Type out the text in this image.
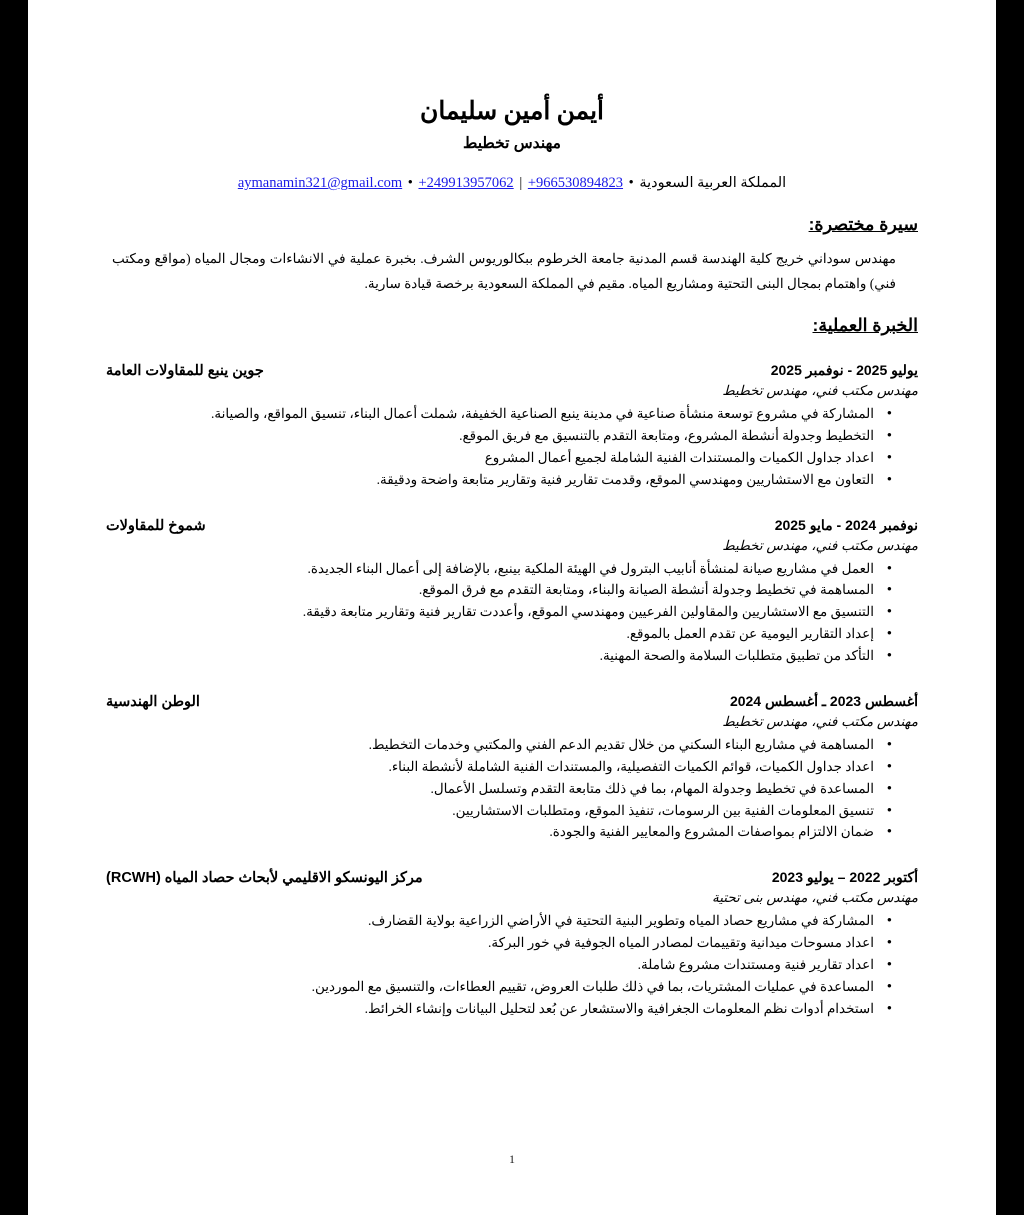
أيمن أمين سليمان
مهندس تخطيط
المملكة العربية السعودية • aymanamin321@gmail.com • +249913957062 | +966530894823
سيرة مختصرة:
مهندس سوداني خريج كلية الهندسة قسم المدنية جامعة الخرطوم ببكالوريوس الشرف. بخبرة عملية في الانشاءات ومجال المياه (مواقع ومكتب فني) واهتمام بمجال البنى التحتية ومشاريع المياه. مقيم في المملكة السعودية برخصة قيادة سارية.
الخبرة العملية:
جوين ينبع للمقاولات العامة	يوليو 2025 - نوفمبر 2025
مهندس مكتب فني، مهندس تخطيط
• المشاركة في مشروع توسعة منشأة صناعية في مدينة ينبع الصناعية الخفيفة، شملت أعمال البناء، تنسيق المواقع، والصيانة.
• التخطيط وجدولة أنشطة المشروع، ومتابعة التقدم بالتنسيق مع فريق الموقع.
• اعداد جداول الكميات والمستندات الفنية الشاملة لجميع أعمال المشروع
• التعاون مع الاستشاريين ومهندسي الموقع، وقدمت تقارير فنية وتقارير متابعة واضحة ودقيقة.
شموخ للمقاولات	نوفمبر 2024 - مايو 2025
مهندس مكتب فني، مهندس تخطيط
• العمل في مشاريع صيانة لمنشأة أنابيب البترول في الهيئة الملكية بينبع، بالإضافة إلى أعمال البناء الجديدة.
• المساهمة في تخطيط وجدولة أنشطة الصيانة والبناء، ومتابعة التقدم مع فرق الموقع.
• التنسيق مع الاستشاريين والمقاولين الفرعيين ومهندسي الموقع، وأعددت تقارير فنية وتقارير متابعة دقيقة.
• إعداد التقارير اليومية عن تقدم العمل بالموقع.
• التأكد من تطبيق متطلبات السلامة والصحة المهنية.
الوطن الهندسية	أغسطس 2023 ـ أغسطس 2024
مهندس مكتب فني، مهندس تخطيط
• المساهمة في مشاريع البناء السكني من خلال تقديم الدعم الفني والمكتبي وخدمات التخطيط.
• اعداد جداول الكميات، قوائم الكميات التفصيلية، والمستندات الفنية الشاملة لأنشطة البناء.
• المساعدة في تخطيط وجدولة المهام، بما في ذلك متابعة التقدم وتسلسل الأعمال.
• تنسيق المعلومات الفنية بين الرسومات، تنفيذ الموقع، ومتطلبات الاستشاريين.
• ضمان الالتزام بمواصفات المشروع والمعايير الفنية والجودة.
مركز اليونسكو الاقليمي لأبحاث حصاد المياه (RCWH)	أكتوبر 2022 – يوليو 2023
مهندس مكتب فني، مهندس بنى تحتية
• المشاركة في مشاريع حصاد المياه وتطوير البنية التحتية في الأراضي الزراعية بولاية القضارف.
• اعداد مسوحات ميدانية وتقييمات لمصادر المياه الجوفية في خور البركة.
• اعداد تقارير فنية ومستندات مشروع شاملة.
• المساعدة في عمليات المشتريات، بما في ذلك طلبات العروض، تقييم العطاءات، والتنسيق مع الموردين.
• استخدام أدوات نظم المعلومات الجغرافية والاستشعار عن بُعد لتحليل البيانات وإنشاء الخرائط.
1
